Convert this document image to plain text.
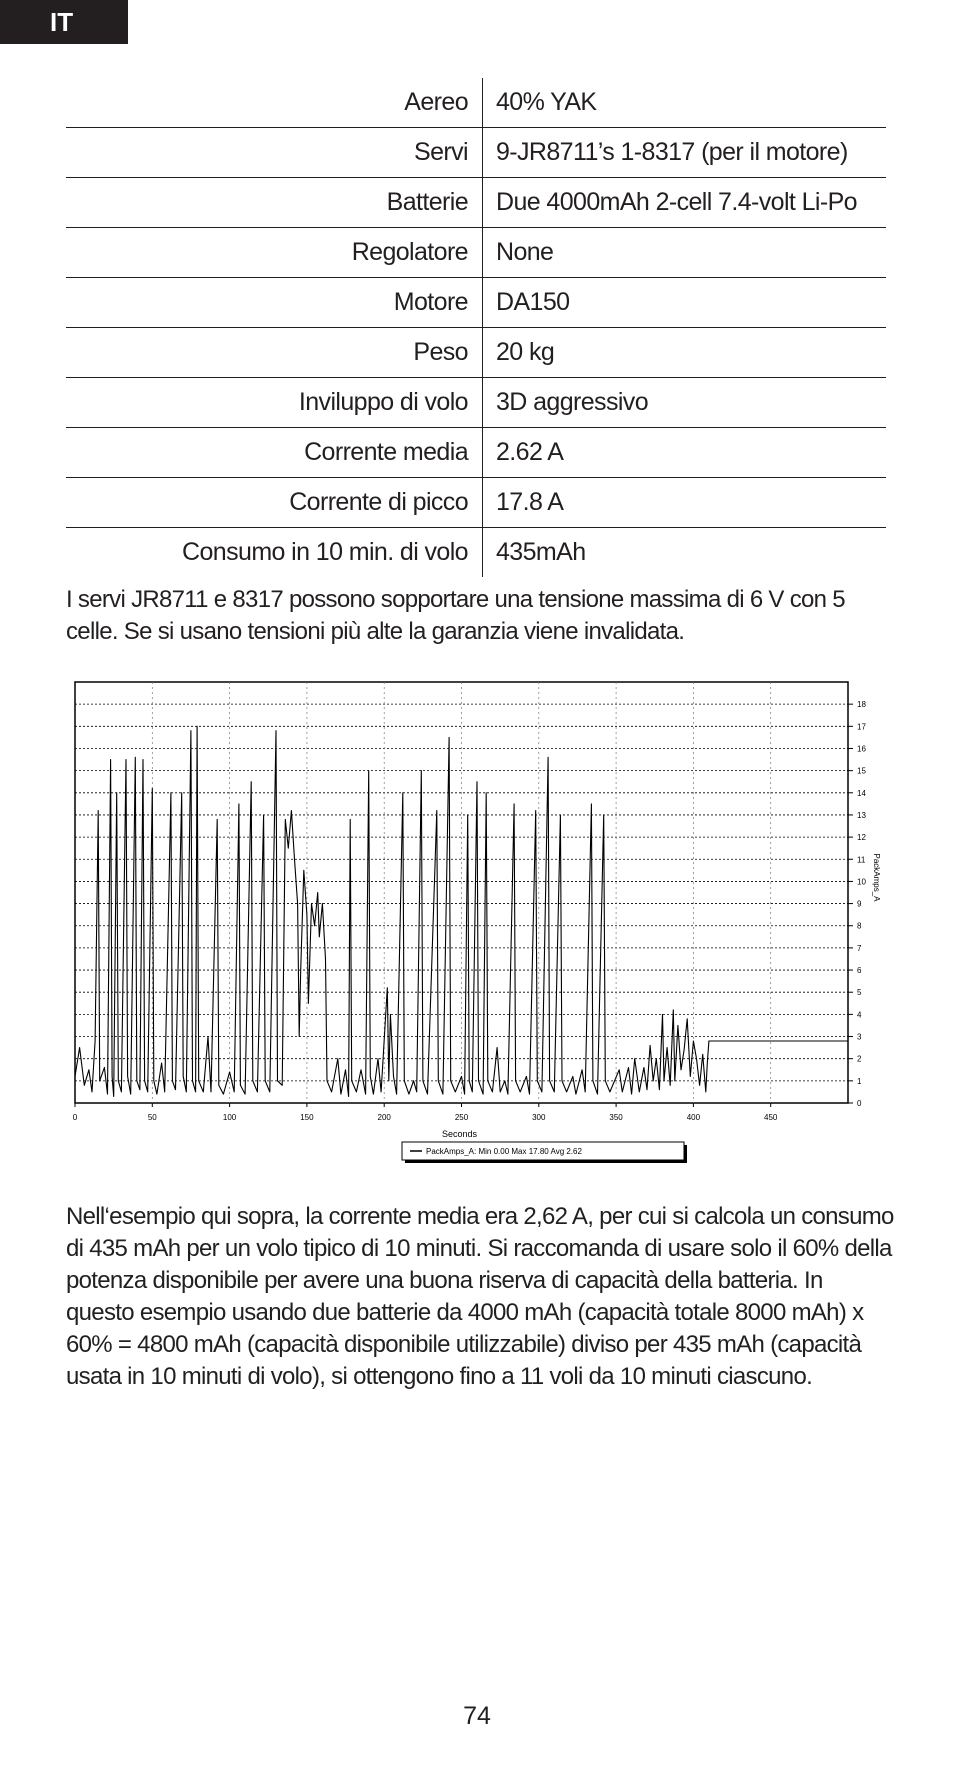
IT
Aereo	40% YAK
Servi	9-JR8711’s 1-8317 (per il motore)
Batterie	Due 4000mAh 2-cell 7.4-volt Li-Po
Regolatore	None
Motore	DA150
Peso	20 kg
Inviluppo di volo	3D aggressivo
Corrente media	2.62 A
Corrente di picco	17.8 A
Consumo in 10 min. di volo	435mAh

I servi JR8711 e 8317 possono sopportare una tensione massima di 6 V con 5 celle. Se si usano tensioni più alte la garanzia viene invalidata.

0
1
2
3
4
5
6
7
8
9
10
11
12
13
14
15
16
17
18
0	50	100	150	200	250	300	350	400	450
Seconds
PackAmps_A
PackAmps_A: Min 0.00 Max 17.80 Avg 2.62

Nell‘esempio qui sopra, la corrente media era 2,62 A, per cui si calcola un consumo di 435 mAh per un volo tipico di 10 minuti. Si raccomanda di usare solo il 60% della potenza disponibile per avere una buona riserva di capacità della batteria. In questo esempio usando due batterie da 4000 mAh (capacità totale 8000 mAh) x 60% = 4800 mAh (capacità disponibile utilizzabile) diviso per 435 mAh (capacità usata in 10 minuti di volo), si ottengono fino a 11 voli da 10 minuti ciascuno.

74
